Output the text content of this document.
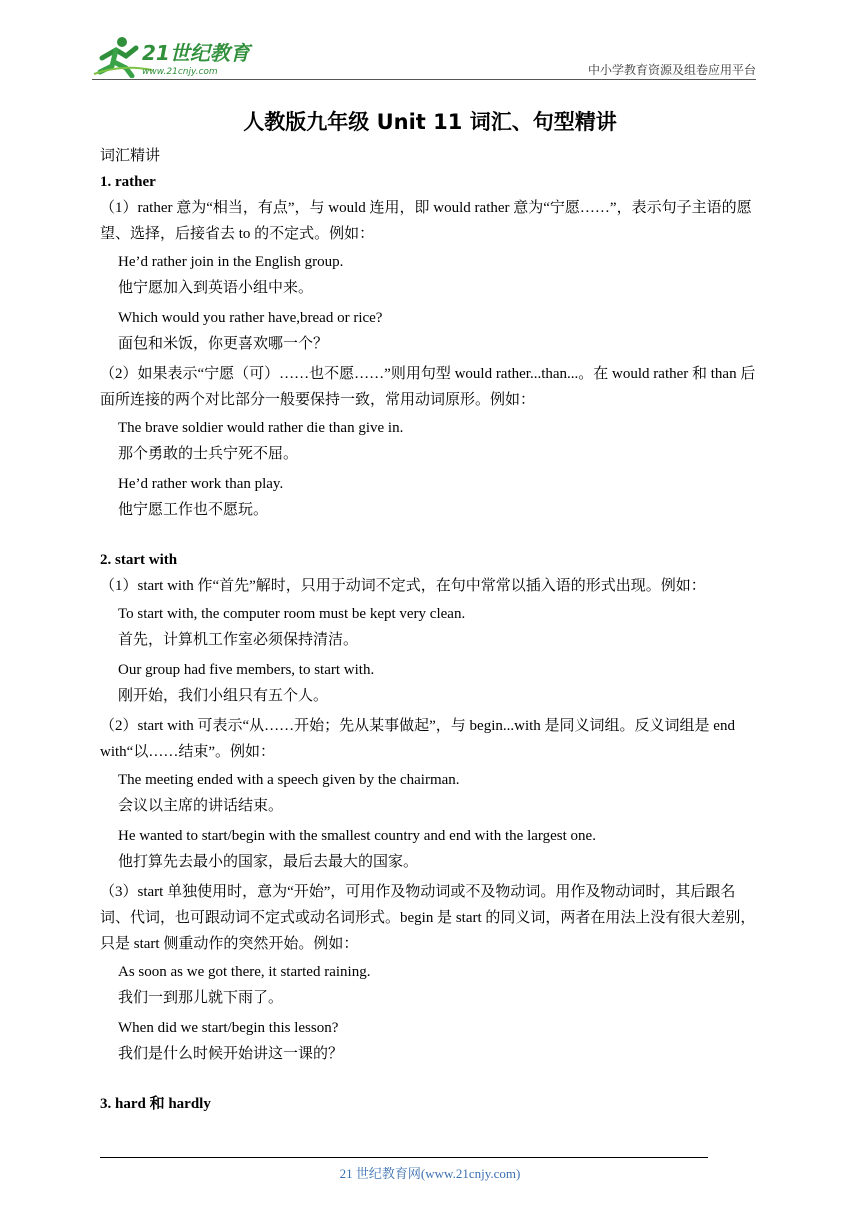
21世纪教育
www.21cnjy.com	中小学教育资源及组卷应用平台
人教版九年级 Unit 11 词汇、句型精讲
词汇精讲
1. rather
（1）rather 意为“相当，有点”，与 would 连用，即 would rather 意为“宁愿……”，表示句子主语的愿望、选择，后接省去 to 的不定式。例如：
He’d rather join in the English group.
他宁愿加入到英语小组中来。
Which would you rather have,bread or rice?
面包和米饭，你更喜欢哪一个？
（2）如果表示“宁愿（可）……也不愿……”则用句型 would rather...than...。在 would rather 和 than 后面所连接的两个对比部分一般要保持一致，常用动词原形。例如：
The brave soldier would rather die than give in.
那个勇敢的士兵宁死不屈。
He’d rather work than play.
他宁愿工作也不愿玩。
2. start with
（1）start with 作“首先”解时，只用于动词不定式，在句中常常以插入语的形式出现。例如：
To start with, the computer room must be kept very clean.
首先，计算机工作室必须保持清洁。
Our group had five members, to start with.
刚开始，我们小组只有五个人。
（2）start with 可表示“从……开始；先从某事做起”，与 begin...with 是同义词组。反义词组是 end with“以……结束”。例如：
The meeting ended with a speech given by the chairman.
会议以主席的讲话结束。
He wanted to start/begin with the smallest country and end with the largest one.
他打算先去最小的国家，最后去最大的国家。
（3）start 单独使用时，意为“开始”，可用作及物动词或不及物动词。用作及物动词时，其后跟名词、代词，也可跟动词不定式或动名词形式。begin 是 start 的同义词，两者在用法上没有很大差别，只是 start 侧重动作的突然开始。例如：
As soon as we got there, it started raining.
我们一到那儿就下雨了。
When did we start/begin this lesson?
我们是什么时候开始讲这一课的？
3. hard 和 hardly
21 世纪教育网(www.21cnjy.com)
